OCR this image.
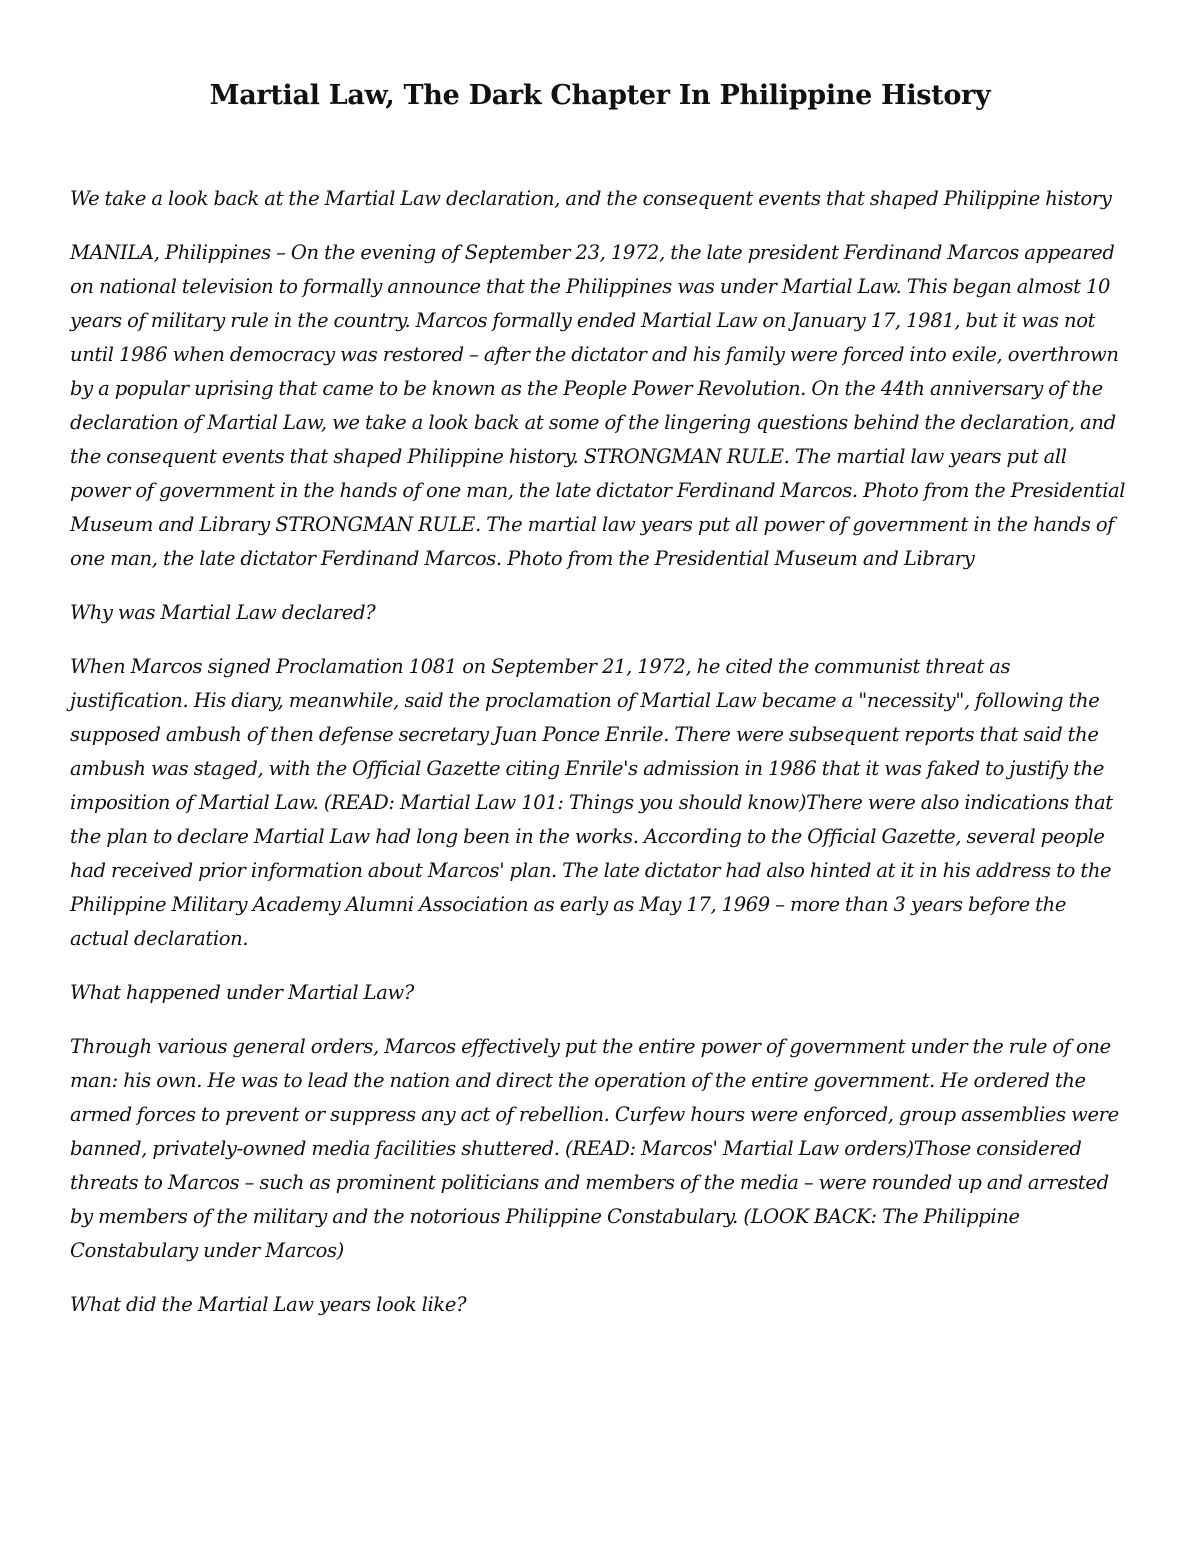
Martial Law, The Dark Chapter In Philippine History

We take a look back at the Martial Law declaration, and the consequent events that shaped Philippine history

MANILA, Philippines – On the evening of September 23, 1972, the late president Ferdinand Marcos appeared on national television to formally announce that the Philippines was under Martial Law. This began almost 10 years of military rule in the country. Marcos formally ended Martial Law on January 17, 1981, but it was not until 1986 when democracy was restored – after the dictator and his family were forced into exile, overthrown by a popular uprising that came to be known as the People Power Revolution. On the 44th anniversary of the declaration of Martial Law, we take a look back at some of the lingering questions behind the declaration, and the consequent events that shaped Philippine history. STRONGMAN RULE. The martial law years put all power of government in the hands of one man, the late dictator Ferdinand Marcos. Photo from the Presidential Museum and Library STRONGMAN RULE. The martial law years put all power of government in the hands of one man, the late dictator Ferdinand Marcos. Photo from the Presidential Museum and Library

Why was Martial Law declared?

When Marcos signed Proclamation 1081 on September 21, 1972, he cited the communist threat as justification. His diary, meanwhile, said the proclamation of Martial Law became a "necessity", following the supposed ambush of then defense secretary Juan Ponce Enrile. There were subsequent reports that said the ambush was staged, with the Official Gazette citing Enrile's admission in 1986 that it was faked to justify the imposition of Martial Law. (READ: Martial Law 101: Things you should know)There were also indications that the plan to declare Martial Law had long been in the works. According to the Official Gazette, several people had received prior information about Marcos' plan. The late dictator had also hinted at it in his address to the Philippine Military Academy Alumni Association as early as May 17, 1969 – more than 3 years before the actual declaration.

What happened under Martial Law?

Through various general orders, Marcos effectively put the entire power of government under the rule of one man: his own. He was to lead the nation and direct the operation of the entire government. He ordered the armed forces to prevent or suppress any act of rebellion. Curfew hours were enforced, group assemblies were banned, privately-owned media facilities shuttered. (READ: Marcos' Martial Law orders)Those considered threats to Marcos – such as prominent politicians and members of the media – were rounded up and arrested by members of the military and the notorious Philippine Constabulary. (LOOK BACK: The Philippine Constabulary under Marcos)

What did the Martial Law years look like?
